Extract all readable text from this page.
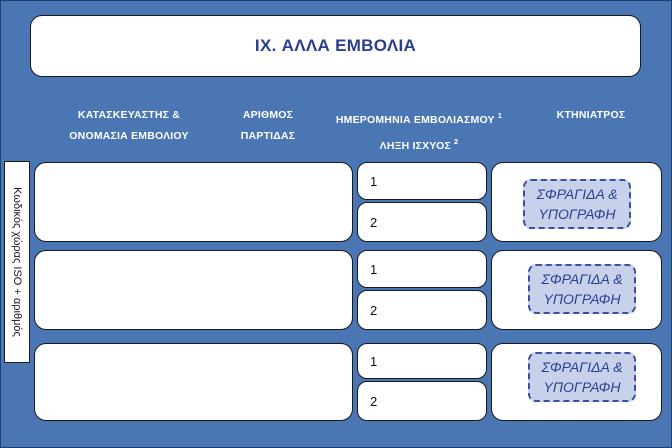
IX. ΑΛΛΑ ΕΜΒΟΛΙΑ
ΚΑΤΑΣΚΕΥΑΣΤΗΣ &
ΟΝΟΜΑΣΙΑ ΕΜΒΟΛΙΟΥ
ΑΡΙΘΜΟΣ
ΠΑΡΤΙΔΑΣ
ΗΜΕΡΟΜΗΝΙΑ ΕΜΒΟΛΙΑΣΜΟΥ $^1$
ΛΗΞΗ ΙΣΧΥΟΣ $^2$
ΚΤΗΝΙΑΤΡΟΣ
Κωδικός χώρας ISO + αριθμός
1
2
ΣΦΡΑΓΙΔΑ &
ΥΠΟΓΡΑΦΗ
1
2
ΣΦΡΑΓΙΔΑ &
ΥΠΟΓΡΑΦΗ
1
2
ΣΦΡΑΓΙΔΑ &
ΥΠΟΓΡΑΦΗ
